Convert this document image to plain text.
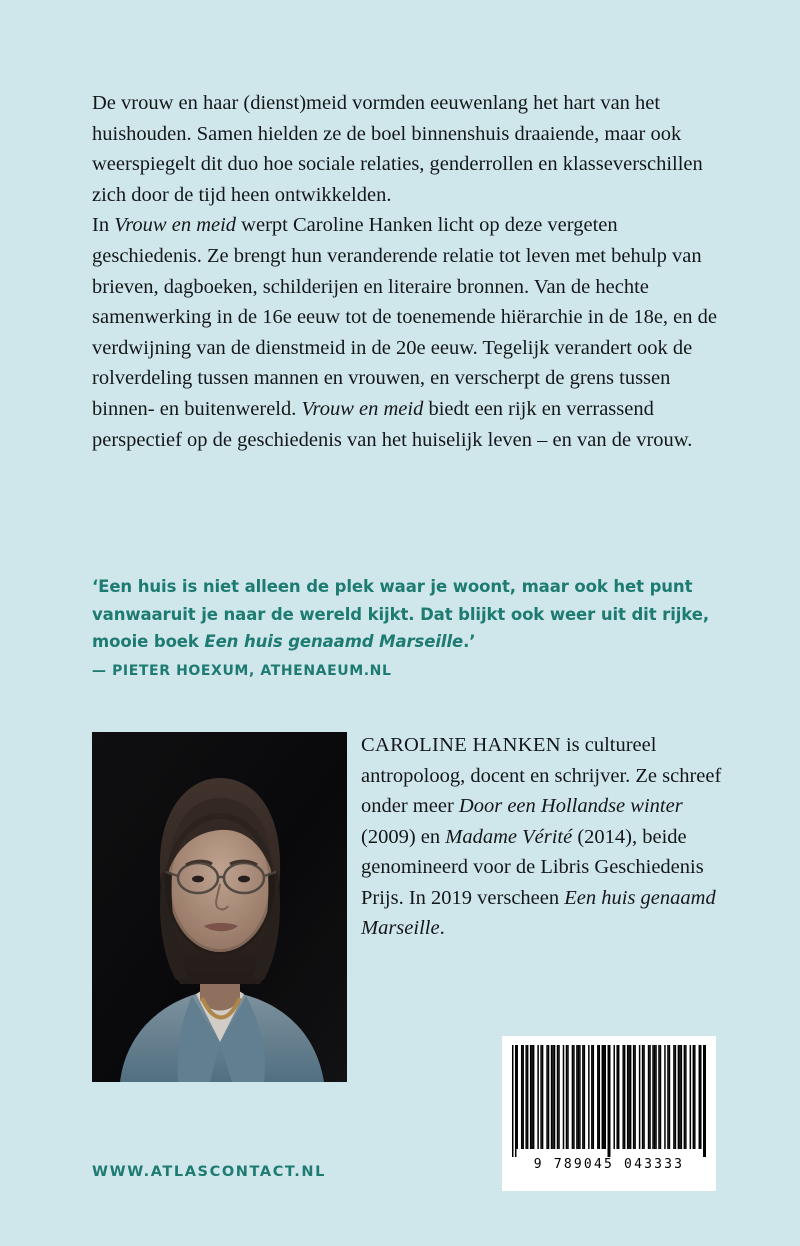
De vrouw en haar (dienst)meid vormden eeuwenlang het hart van het huishouden. Samen hielden ze de boel binnenshuis draaiende, maar ook weerspiegelt dit duo hoe sociale relaties, genderrollen en klasseverschillen zich door de tijd heen ontwikkelden.

In Vrouw en meid werpt Caroline Hanken licht op deze vergeten geschiedenis. Ze brengt hun veranderende relatie tot leven met behulp van brieven, dagboeken, schilderijen en literaire bronnen. Van de hechte samenwerking in de 16e eeuw tot de toenemende hiërarchie in de 18e, en de verdwijning van de dienstmeid in de 20e eeuw. Tegelijk verandert ook de rolverdeling tussen mannen en vrouwen, en verscherpt de grens tussen binnen- en buitenwereld. Vrouw en meid biedt een rijk en verrassend perspectief op de geschiedenis van het huiselijk leven – en van de vrouw.

‘Een huis is niet alleen de plek waar je woont, maar ook het punt vanwaaruit je naar de wereld kijkt. Dat blijkt ook weer uit dit rijke, mooie boek Een huis genaamd Marseille.’
— PIETER HOEXUM, ATHENAEUM.NL
CAROLINE HANKEN is cultureel antropoloog, docent en schrijver. Ze schreef onder meer Door een Hollandse winter (2009) en Madame Vérité (2014), beide genomineerd voor de Libris Geschiedenis Prijs. In 2019 verscheen Een huis genaamd Marseille.
9 789045 043333
WWW.ATLASCONTACT.NL
